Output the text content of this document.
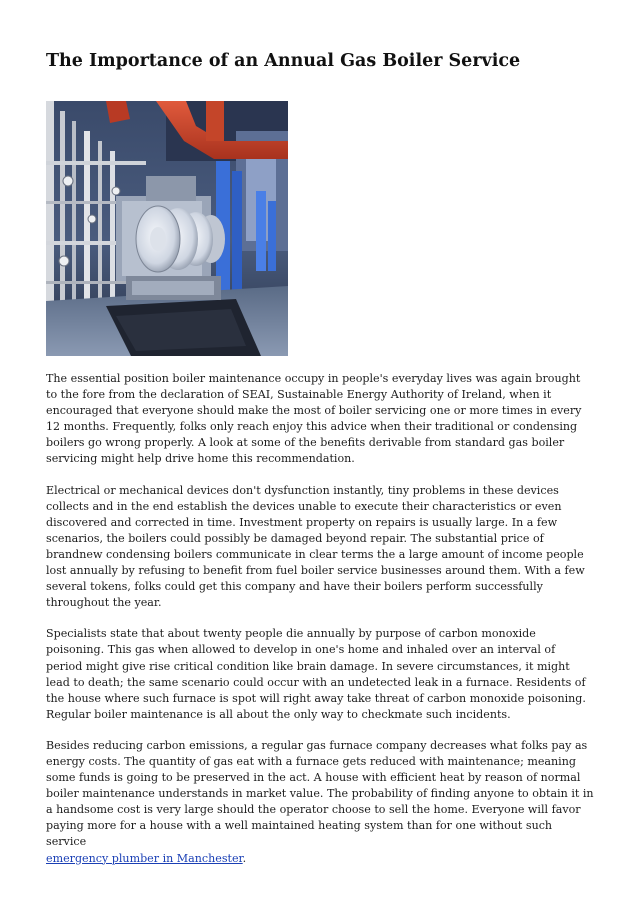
The Importance of an Annual Gas Boiler Service

The essential position boiler maintenance occupy in people's everyday lives was again brought to the fore from the declaration of SEAI, Sustainable Energy Authority of Ireland, when it encouraged that everyone should make the most of boiler servicing one or more times in every 12 months. Frequently, folks only reach enjoy this advice when their traditional or condensing boilers go wrong properly. A look at some of the benefits derivable from standard gas boiler servicing might help drive home this recommendation.

Electrical or mechanical devices don't dysfunction instantly, tiny problems in these devices collects and in the end establish the devices unable to execute their characteristics or even discovered and corrected in time. Investment property on repairs is usually large. In a few scenarios, the boilers could possibly be damaged beyond repair. The substantial price of brandnew condensing boilers communicate in clear terms the a large amount of income people lost annually by refusing to benefit from fuel boiler service businesses around them. With a few several tokens, folks could get this company and have their boilers perform successfully throughout the year.

Specialists state that about twenty people die annually by purpose of carbon monoxide poisoning. This gas when allowed to develop in one's home and inhaled over an interval of period might give rise critical condition like brain damage. In severe circumstances, it might lead to death; the same scenario could occur with an undetected leak in a furnace. Residents of the house where such furnace is spot will right away take threat of carbon monoxide poisoning. Regular boiler maintenance is all about the only way to checkmate such incidents.

Besides reducing carbon emissions, a regular gas furnace company decreases what folks pay as energy costs. The quantity of gas eat with a furnace gets reduced with maintenance; meaning some funds is going to be preserved in the act. A house with efficient heat by reason of normal boiler maintenance understands in market value. The probability of finding anyone to obtain it in a handsome cost is very large should the operator choose to sell the home. Everyone will favor paying more for a house with a well maintained heating system than for one without such service
emergency plumber in Manchester.
